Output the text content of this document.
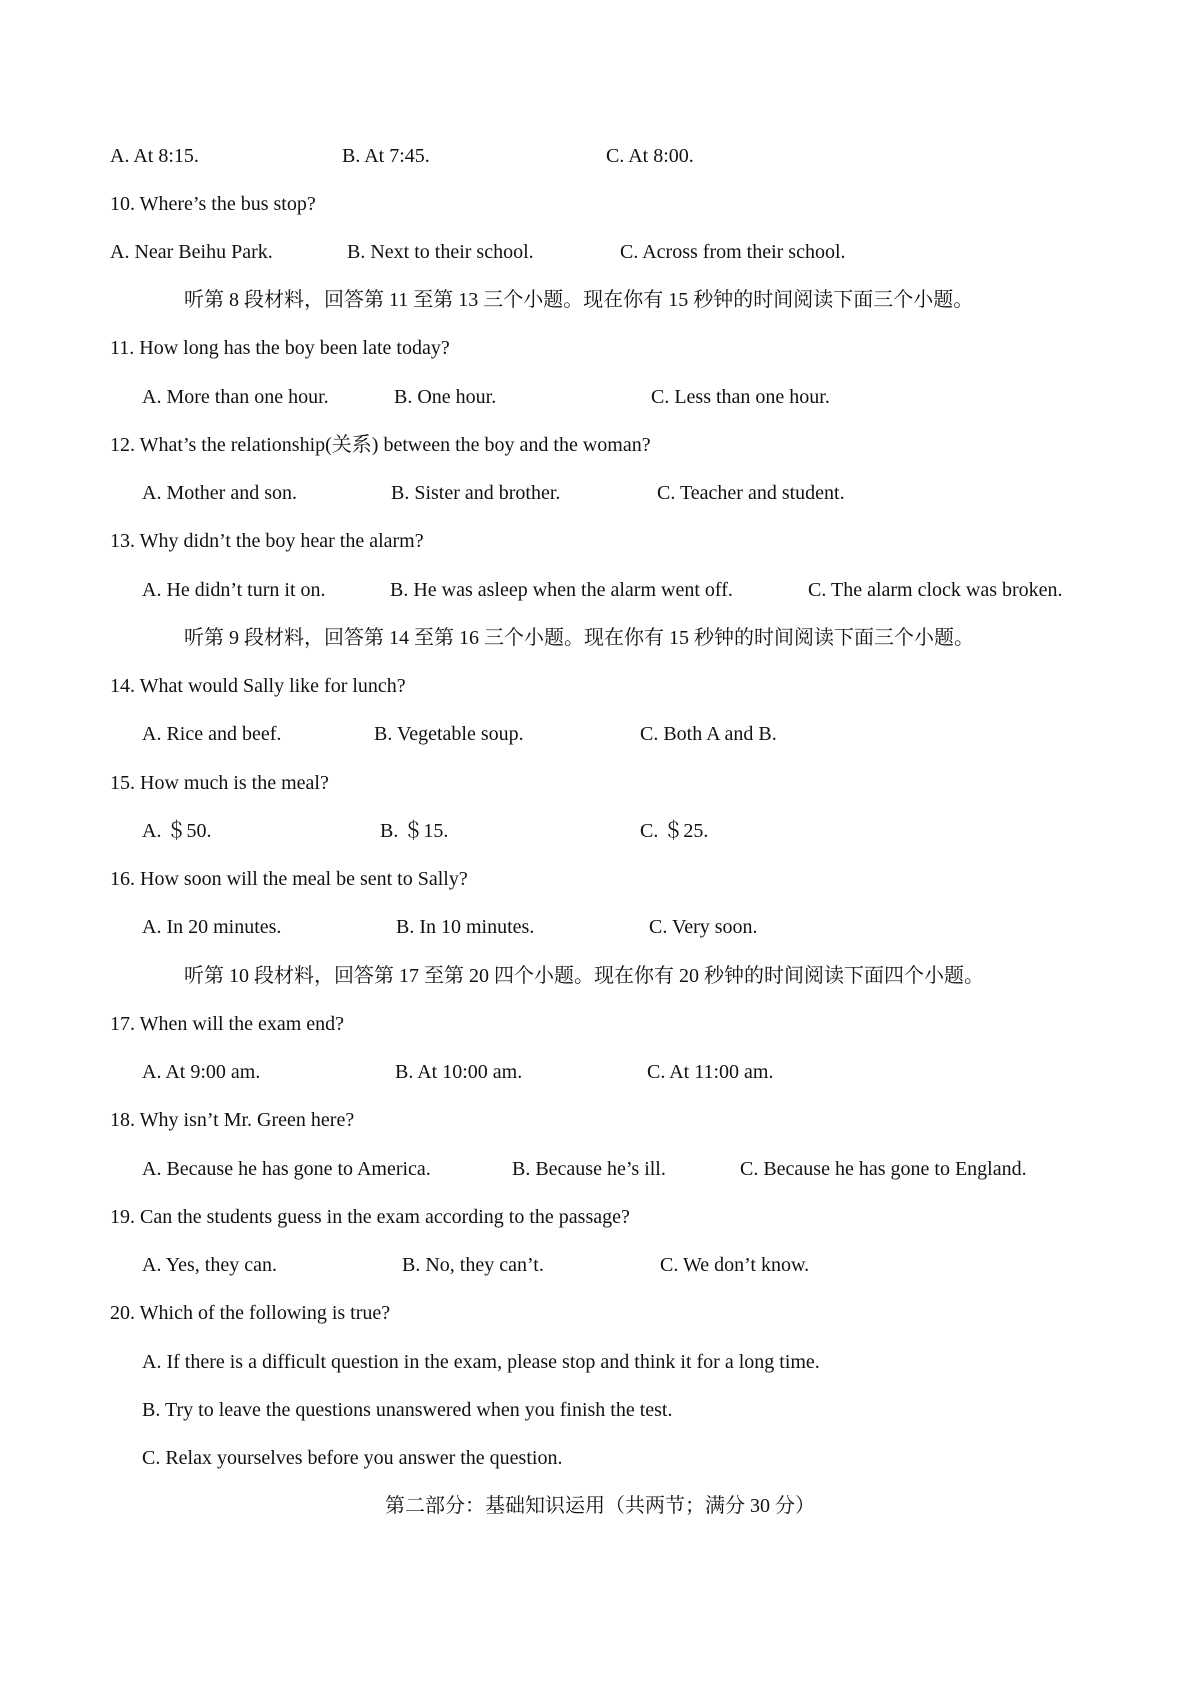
A. At 8:15.	B. At 7:45.	C. At 8:00.
10. Where’s the bus stop?
A. Near Beihu Park.	B. Next to their school.	C. Across from their school.
听第 8 段材料，回答第 11 至第 13 三个小题。现在你有 15 秒钟的时间阅读下面三个小题。
11. How long has the boy been late today?
A. More than one hour.	B. One hour.	C. Less than one hour.
12. What’s the relationship(关系) between the boy and the woman?
A. Mother and son.	B. Sister and brother.	C. Teacher and student.
13. Why didn’t the boy hear the alarm?
A. He didn’t turn it on.	B. He was asleep when the alarm went off.	C. The alarm clock was broken.
听第 9 段材料，回答第 14 至第 16 三个小题。现在你有 15 秒钟的时间阅读下面三个小题。
14. What would Sally like for lunch?
A. Rice and beef.	B. Vegetable soup.	C. Both A and B.
15. How much is the meal?
A. ＄50.	B. ＄15.	C. ＄25.
16. How soon will the meal be sent to Sally?
A. In 20 minutes.	B. In 10 minutes.	C. Very soon.
听第 10 段材料，回答第 17 至第 20 四个小题。现在你有 20 秒钟的时间阅读下面四个小题。
17. When will the exam end?
A. At 9:00 am.	B. At 10:00 am.	C. At 11:00 am.
18. Why isn’t Mr. Green here?
A. Because he has gone to America.	B. Because he’s ill.	C. Because he has gone to England.
19. Can the students guess in the exam according to the passage?
A. Yes, they can.	B. No, they can’t.	C. We don’t know.
20. Which of the following is true?
A. If there is a difficult question in the exam, please stop and think it for a long time.
B. Try to leave the questions unanswered when you finish the test.
C. Relax yourselves before you answer the question.
第二部分：基础知识运用（共两节；满分 30 分）
